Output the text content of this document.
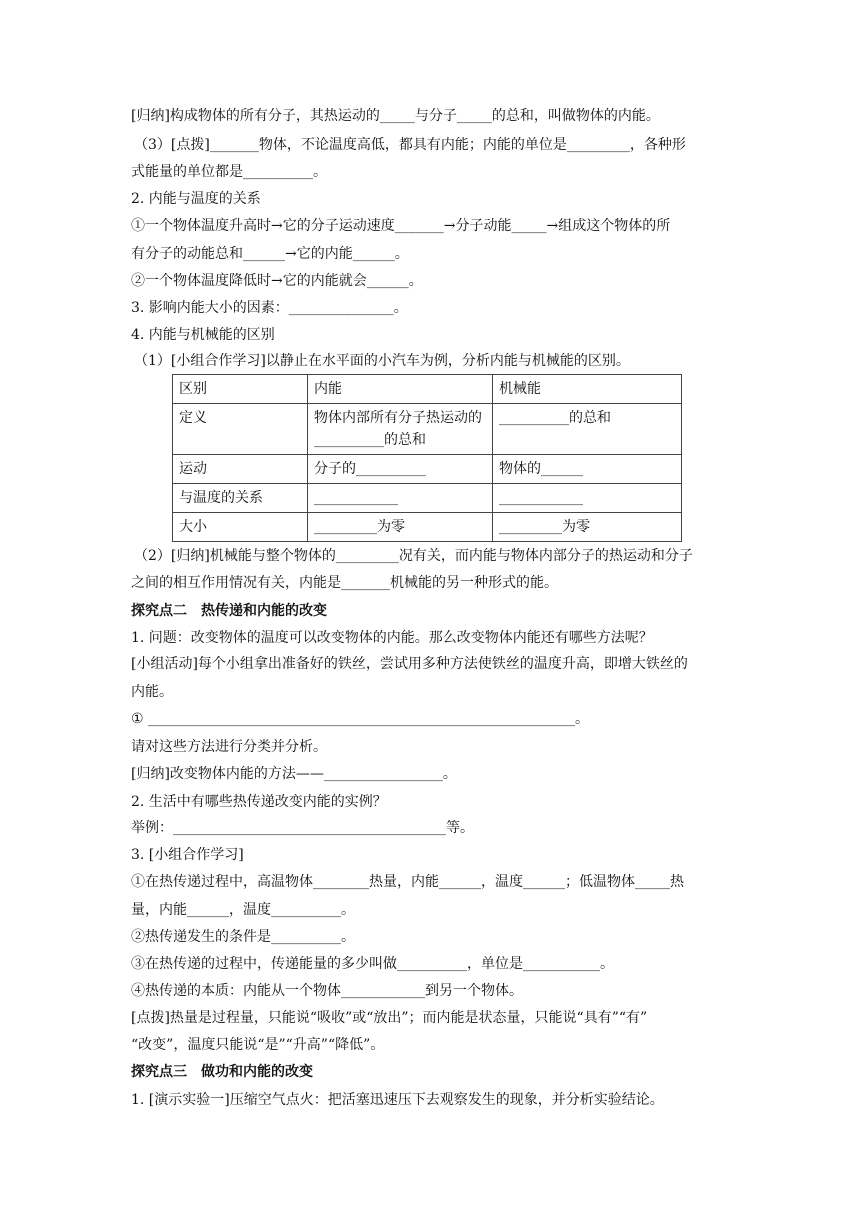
[归纳]构成物体的所有分子，其热运动的_____与分子_____的总和，叫做物体的内能。
（3）[点拨]_______物体，不论温度高低，都具有内能；内能的单位是_________，各种形
式能量的单位都是__________。
2. 内能与温度的关系
①一个物体温度升高时→它的分子运动速度_______→分子动能_____→组成这个物体的所
有分子的动能总和______→它的内能______。
②一个物体温度降低时→它的内能就会______。
3. 影响内能大小的因素：_______________。
4. 内能与机械能的区别
（1）[小组合作学习]以静止在水平面的小汽车为例，分析内能与机械能的区别。
区别	内能	机械能
定义	物体内部所有分子热运动的__________的总和	__________的总和
运动	分子的__________	物体的______
与温度的关系	____________	____________
大小	_________为零	_________为零
（2）[归纳]机械能与整个物体的_________况有关，而内能与物体内部分子的热运动和分子
之间的相互作用情况有关，内能是_______机械能的另一种形式的能。
探究点二　热传递和内能的改变
1. 问题：改变物体的温度可以改变物体的内能。那么改变物体内能还有哪些方法呢？
[小组活动]每个小组拿出准备好的铁丝，尝试用多种方法使铁丝的温度升高，即增大铁丝的
内能。
① _____________________________________________________________。
请对这些方法进行分类并分析。
[归纳]改变物体内能的方法——_________________。
2. 生活中有哪些热传递改变内能的实例？
举例：_______________________________________等。
3. [小组合作学习]
①在热传递过程中，高温物体________热量，内能______，温度______；低温物体_____热
量，内能______，温度__________。
②热传递发生的条件是__________。
③在热传递的过程中，传递能量的多少叫做__________，单位是___________。
④热传递的本质：内能从一个物体____________到另一个物体。
[点拨]热量是过程量，只能说“吸收”或“放出”；而内能是状态量，只能说“具有”“有”
“改变”，温度只能说“是”“升高”“降低”。
探究点三　做功和内能的改变
1. [演示实验一]压缩空气点火：把活塞迅速压下去观察发生的现象，并分析实验结论。
